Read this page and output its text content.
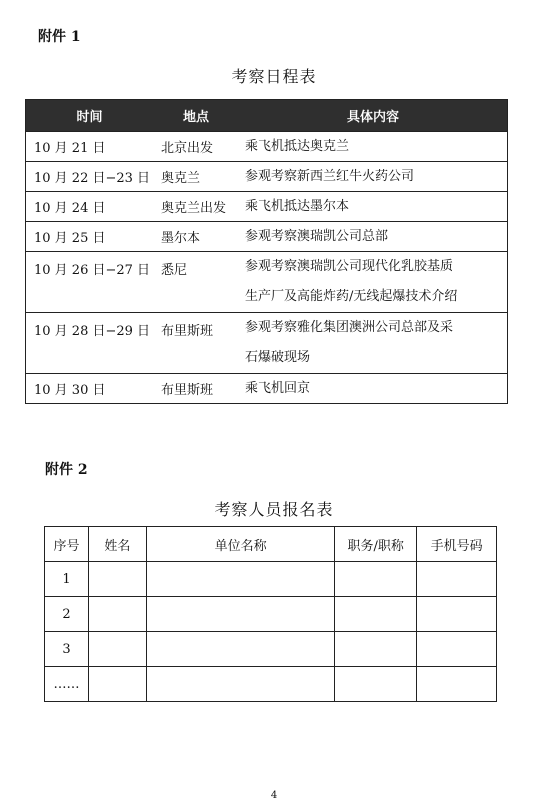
附件 1
考察日程表
时间	地点	具体内容
10 月 21 日	北京出发	乘飞机抵达奥克兰
10 月 22 日−23 日 奥克兰	参观考察新西兰红牛火药公司
10 月 24 日	奥克兰出发	乘飞机抵达墨尔本
10 月 25 日	墨尔本	参观考察澳瑞凯公司总部
10 月 26 日−27 日 悉尼	参观考察澳瑞凯公司现代化乳胶基质
生产厂及高能炸药/无线起爆技术介绍
10 月 28 日−29 日 布里斯班	参观考察雅化集团澳洲公司总部及采
石爆破现场
10 月 30 日	布里斯班	乘飞机回京
附件 2
考察人员报名表
序号	姓名	单位名称	职务/职称	手机号码
1				
2				
3				
……				
4
